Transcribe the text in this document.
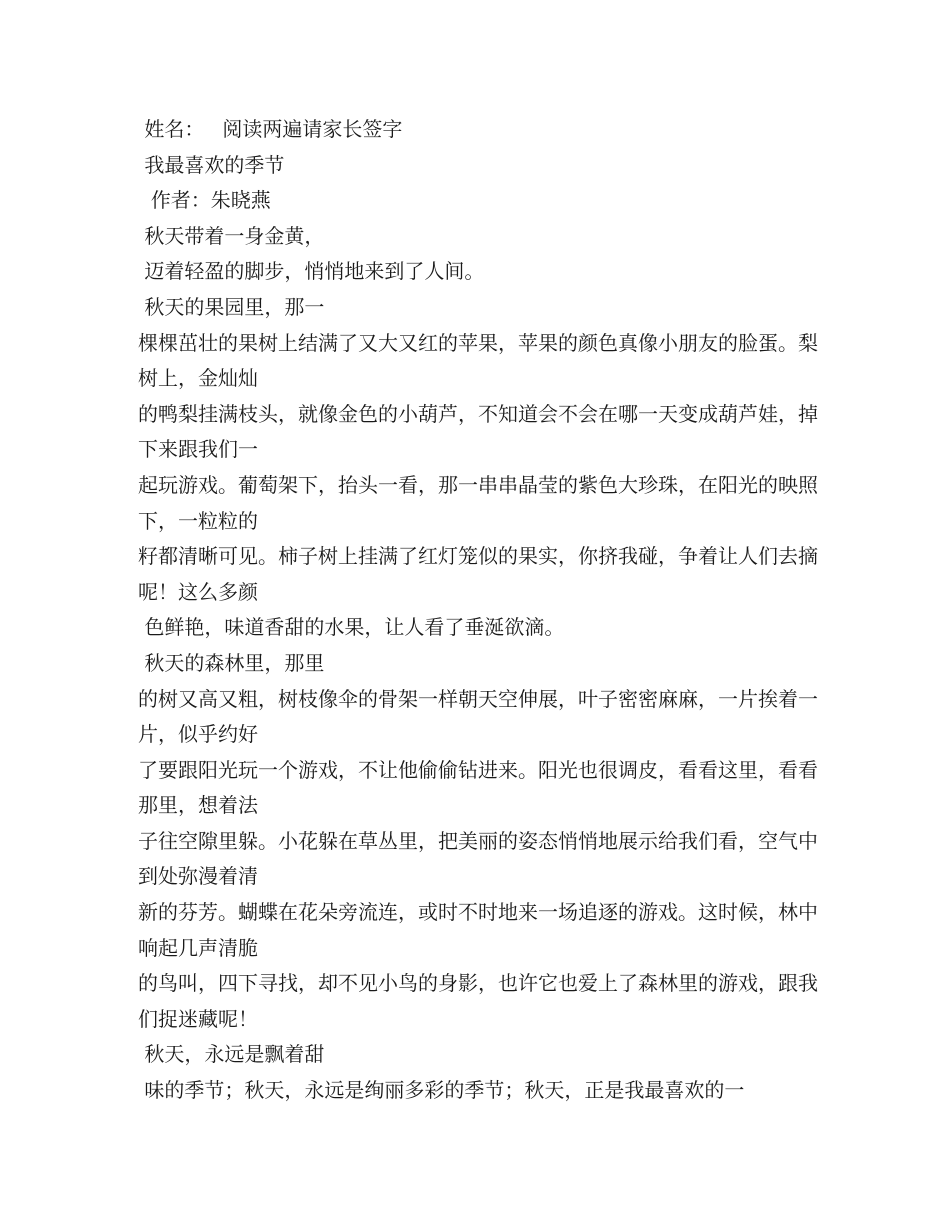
姓名： 阅读两遍请家长签字
我最喜欢的季节
作者：朱晓燕
秋天带着一身金黄，
迈着轻盈的脚步，悄悄地来到了人间。
秋天的果园里，那一
棵棵茁壮的果树上结满了又大又红的苹果，苹果的颜色真像小朋友的脸蛋。梨树上，金灿灿
的鸭梨挂满枝头，就像金色的小葫芦，不知道会不会在哪一天变成葫芦娃，掉下来跟我们一
起玩游戏。葡萄架下，抬头一看，那一串串晶莹的紫色大珍珠，在阳光的映照下，一粒粒的
籽都清晰可见。柿子树上挂满了红灯笼似的果实，你挤我碰，争着让人们去摘呢！这么多颜
色鲜艳，味道香甜的水果，让人看了垂涎欲滴。
秋天的森林里，那里
的树又高又粗，树枝像伞的骨架一样朝天空伸展，叶子密密麻麻，一片挨着一片，似乎约好
了要跟阳光玩一个游戏，不让他偷偷钻进来。阳光也很调皮，看看这里，看看那里，想着法
子往空隙里躲。小花躲在草丛里，把美丽的姿态悄悄地展示给我们看，空气中到处弥漫着清
新的芬芳。蝴蝶在花朵旁流连，或时不时地来一场追逐的游戏。这时候，林中响起几声清脆
的鸟叫，四下寻找，却不见小鸟的身影，也许它也爱上了森林里的游戏，跟我们捉迷藏呢！
秋天，永远是飘着甜
味的季节；秋天，永远是绚丽多彩的季节；秋天，正是我最喜欢的一
